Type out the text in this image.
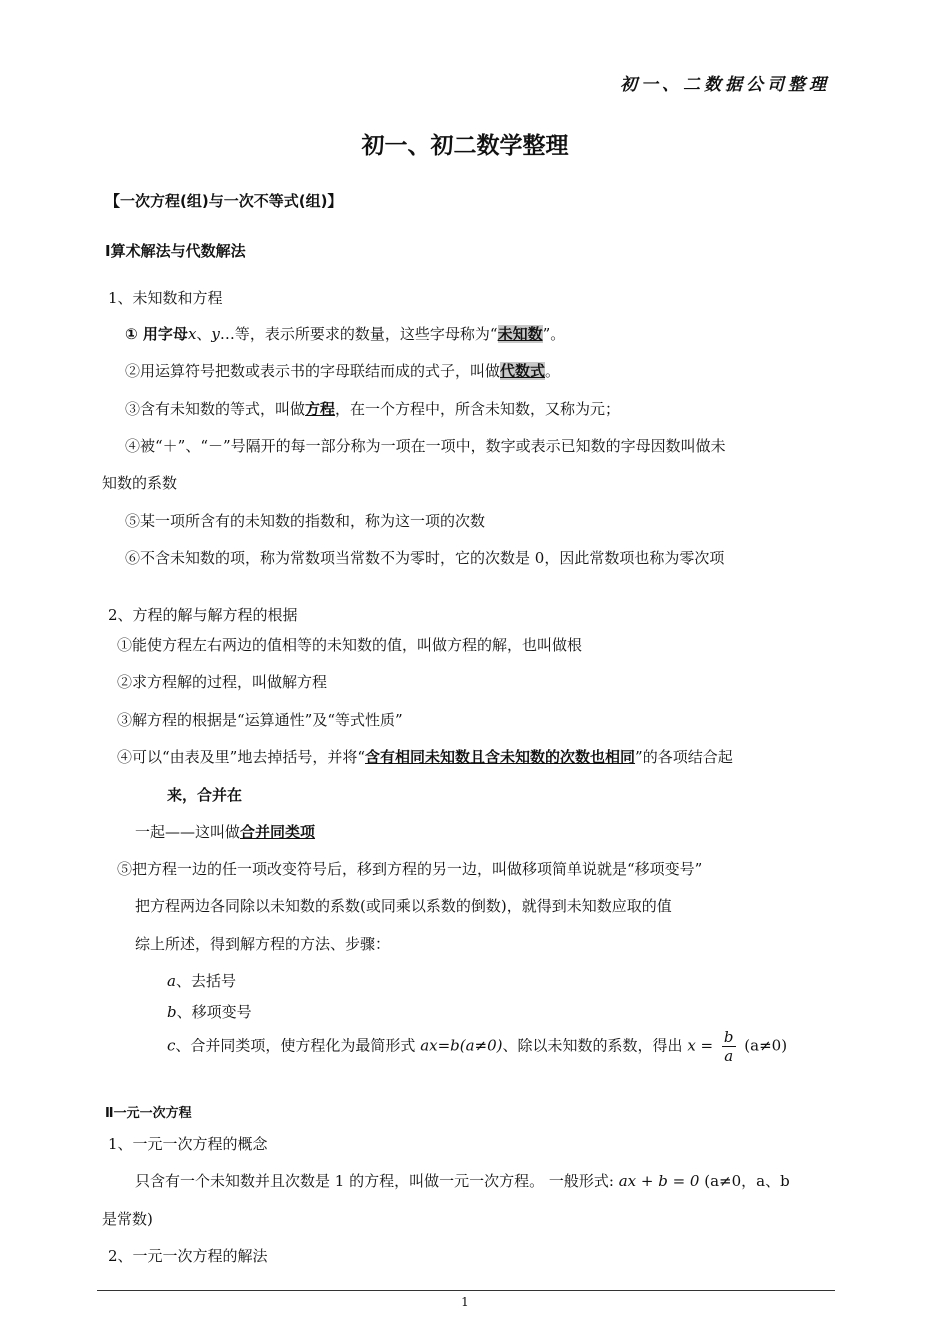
初一、二数据公司整理
初一、初二数学整理
【一次方程(组)与一次不等式(组)】
Ⅰ算术解法与代数解法
1、未知数和方程
① 用字母x、y…等，表示所要求的数量，这些字母称为“未知数”。
②用运算符号把数或表示书的字母联结而成的式子，叫做代数式。
③含有未知数的等式，叫做方程，在一个方程中，所含未知数，又称为元；
④被“＋”、“－”号隔开的每一部分称为一项在一项中，数字或表示已知数的字母因数叫做未
知数的系数
⑤某一项所含有的未知数的指数和，称为这一项的次数
⑥不含未知数的项，称为常数项当常数不为零时，它的次数是 0，因此常数项也称为零次项
2、方程的解与解方程的根据
①能使方程左右两边的值相等的未知数的值，叫做方程的解，也叫做根
②求方程解的过程，叫做解方程
③解方程的根据是“运算通性”及“等式性质”
④可以“由表及里”地去掉括号，并将“含有相同未知数且含未知数的次数也相同”的各项结合起
来，合并在
一起——这叫做合并同类项
⑤把方程一边的任一项改变符号后，移到方程的另一边，叫做移项简单说就是“移项变号”
把方程两边各同除以未知数的系数(或同乘以系数的倒数)，就得到未知数应取的值
综上所述，得到解方程的方法、步骤：
a、去括号
b、移项变号
c、合并同类项，使方程化为最简形式 ax=b(a≠0)、除以未知数的系数，得出 $x = \frac{b}{a} (a\ne 0)$
Ⅱ一元一次方程
1、一元一次方程的概念
只含有一个未知数并且次数是 1 的方程，叫做一元一次方程。 一般形式: ax + b = 0 (a≠0，a、b
是常数)
2、一元一次方程的解法
1
